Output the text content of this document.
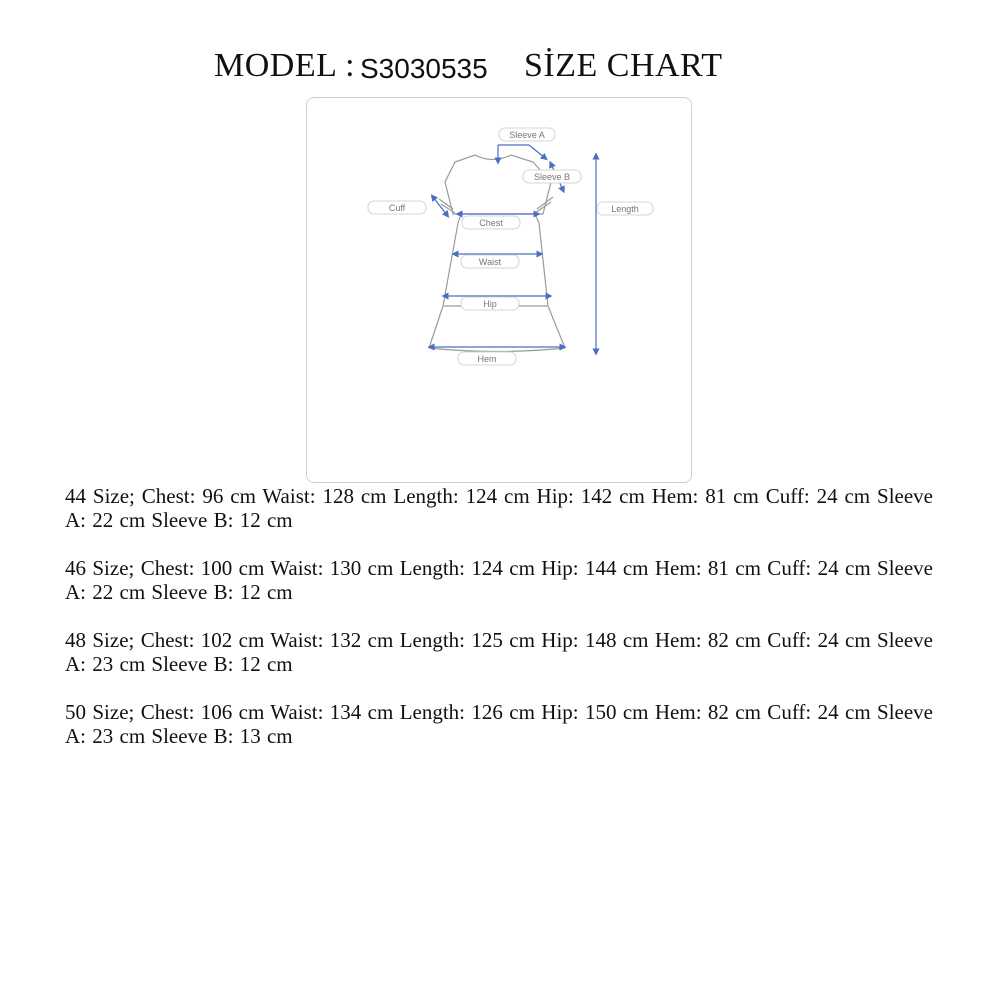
MODEL : S3030535 SİZE CHART
Sleeve A
Sleeve B
Cuff	Length
Chest
Waist
Hip
Hem
44 Size; Chest: 96 cm Waist: 128 cm Length: 124 cm Hip: 142 cm Hem: 81 cm Cuff: 24 cm Sleeve A: 22 cm Sleeve B: 12 cm
46 Size; Chest: 100 cm Waist: 130 cm Length: 124 cm Hip: 144 cm Hem: 81 cm Cuff: 24 cm Sleeve A: 22 cm Sleeve B: 12 cm
48 Size; Chest: 102 cm Waist: 132 cm Length: 125 cm Hip: 148 cm Hem: 82 cm Cuff: 24 cm Sleeve A: 23 cm Sleeve B: 12 cm
50 Size; Chest: 106 cm Waist: 134 cm Length: 126 cm Hip: 150 cm Hem: 82 cm Cuff: 24 cm Sleeve A: 23 cm Sleeve B: 13 cm
